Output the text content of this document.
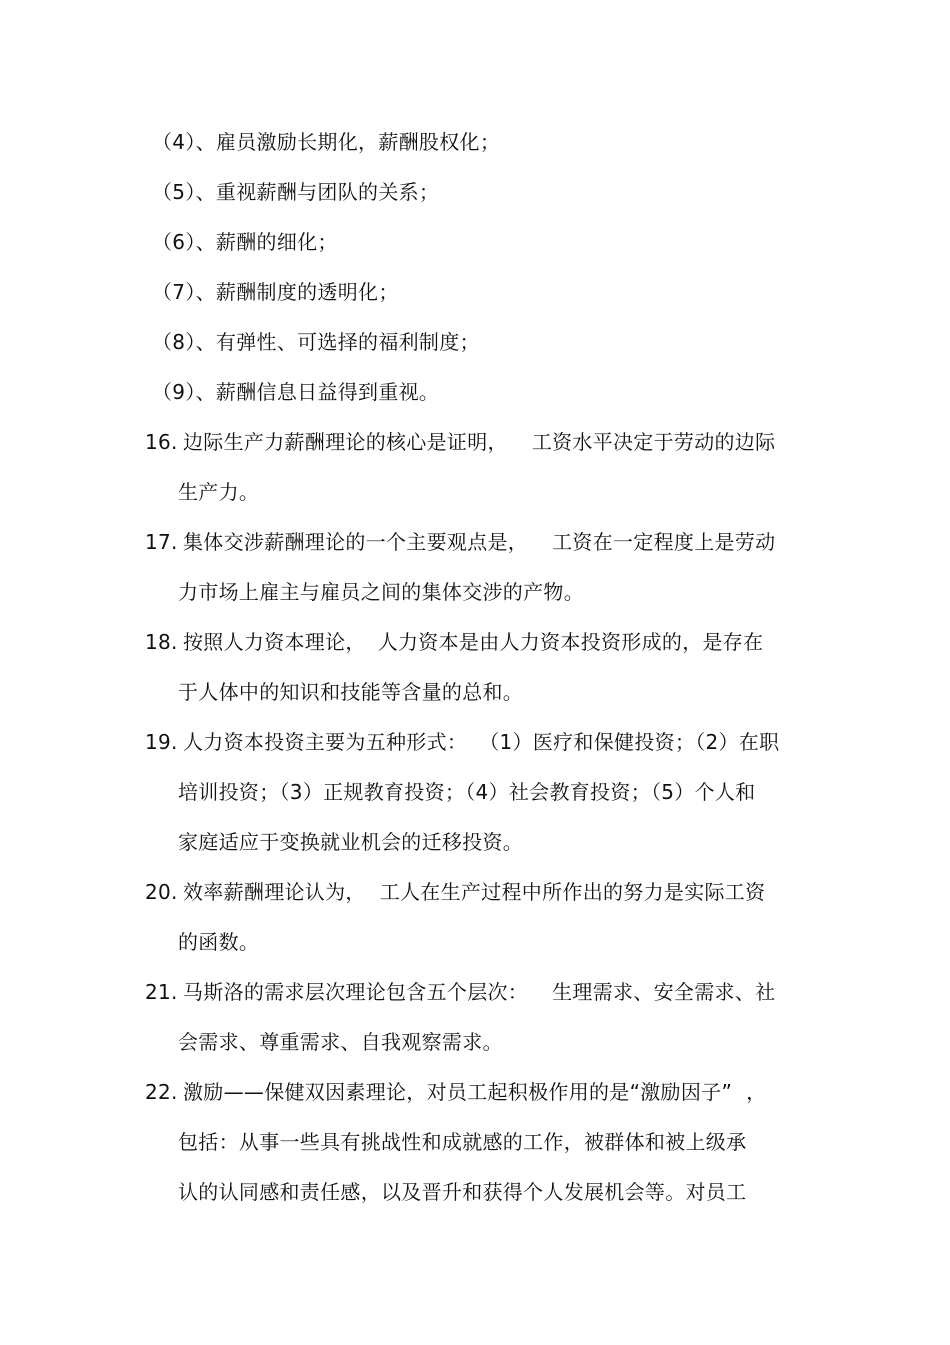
（4）、雇员激励长期化，薪酬股权化；
（5）、重视薪酬与团队的关系；
（6）、薪酬的细化；
（7）、薪酬制度的透明化；
（8）、有弹性、可选择的福利制度；
（9）、薪酬信息日益得到重视。
16. 边际生产力薪酬理论的核心是证明， 工资水平决定于劳动的边际
生产力。
17. 集体交涉薪酬理论的一个主要观点是， 工资在一定程度上是劳动
力市场上雇主与雇员之间的集体交涉的产物。
18. 按照人力资本理论， 人力资本是由人力资本投资形成的，是存在
于人体中的知识和技能等含量的总和。
19. 人力资本投资主要为五种形式： （1）医疗和保健投资；（2）在职
培训投资；（3）正规教育投资；（4）社会教育投资；（5）个人和
家庭适应于变换就业机会的迁移投资。
20. 效率薪酬理论认为， 工人在生产过程中所作出的努力是实际工资
的函数。
21. 马斯洛的需求层次理论包含五个层次： 生理需求、安全需求、社
会需求、尊重需求、自我观察需求。
22. 激励——保健双因素理论，对员工起积极作用的是“激励因子” ，
包括：从事一些具有挑战性和成就感的工作，被群体和被上级承
认的认同感和责任感，以及晋升和获得个人发展机会等。对员工
